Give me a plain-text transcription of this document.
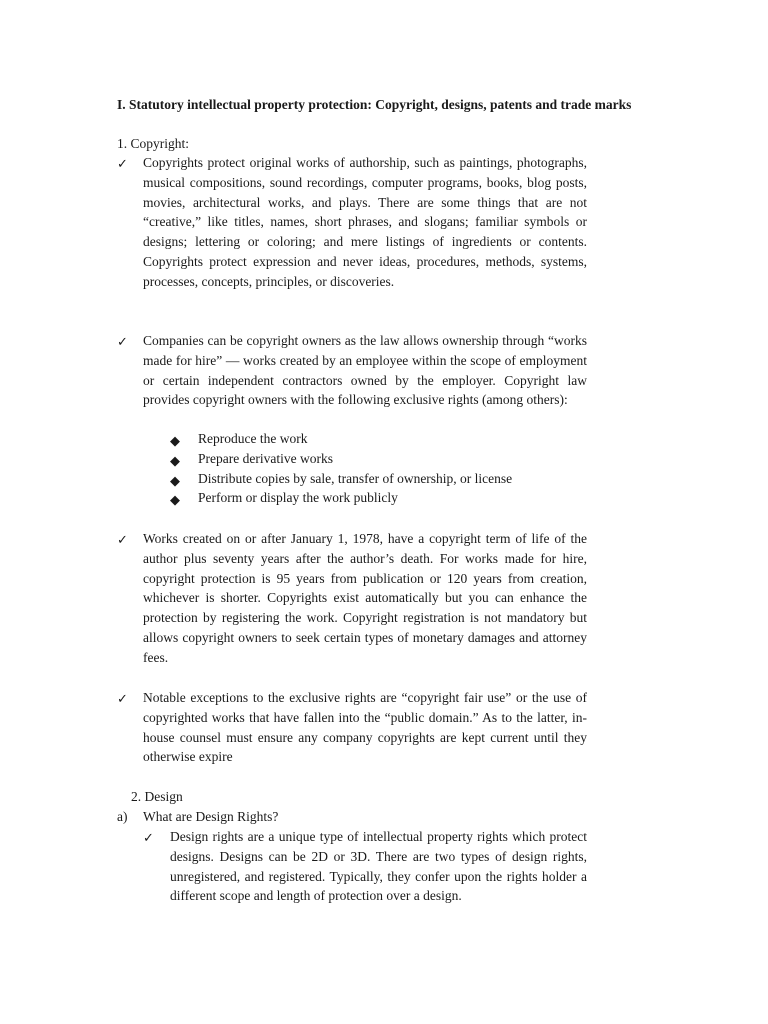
I. Statutory intellectual property protection: Copyright, designs, patents and trade marks
1. Copyright:
✓ Copyrights protect original works of authorship, such as paintings, photographs, musical compositions, sound recordings, computer programs, books, blog posts, movies, architectural works, and plays. There are some things that are not “creative,” like titles, names, short phrases, and slogans; familiar symbols or designs; lettering or coloring; and mere listings of ingredients or contents. Copyrights protect expression and never ideas, procedures, methods, systems, processes, concepts, principles, or discoveries.
✓ Companies can be copyright owners as the law allows ownership through “works made for hire” — works created by an employee within the scope of employment or certain independent contractors owned by the employer. Copyright law provides copyright owners with the following exclusive rights (among others):
◆ Reproduce the work
◆ Prepare derivative works
◆ Distribute copies by sale, transfer of ownership, or license
◆ Perform or display the work publicly
✓ Works created on or after January 1, 1978, have a copyright term of life of the author plus seventy years after the author’s death. For works made for hire, copyright protection is 95 years from publication or 120 years from creation, whichever is shorter. Copyrights exist automatically but you can enhance the protection by registering the work. Copyright registration is not mandatory but allows copyright owners to seek certain types of monetary damages and attorney fees.
✓ Notable exceptions to the exclusive rights are “copyright fair use” or the use of copyrighted works that have fallen into the “public domain.” As to the latter, in-house counsel must ensure any company copyrights are kept current until they otherwise expire
2. Design
a) What are Design Rights?
✓ Design rights are a unique type of intellectual property rights which protect designs. Designs can be 2D or 3D. There are two types of design rights, unregistered, and registered. Typically, they confer upon the rights holder a different scope and length of protection over a design.
